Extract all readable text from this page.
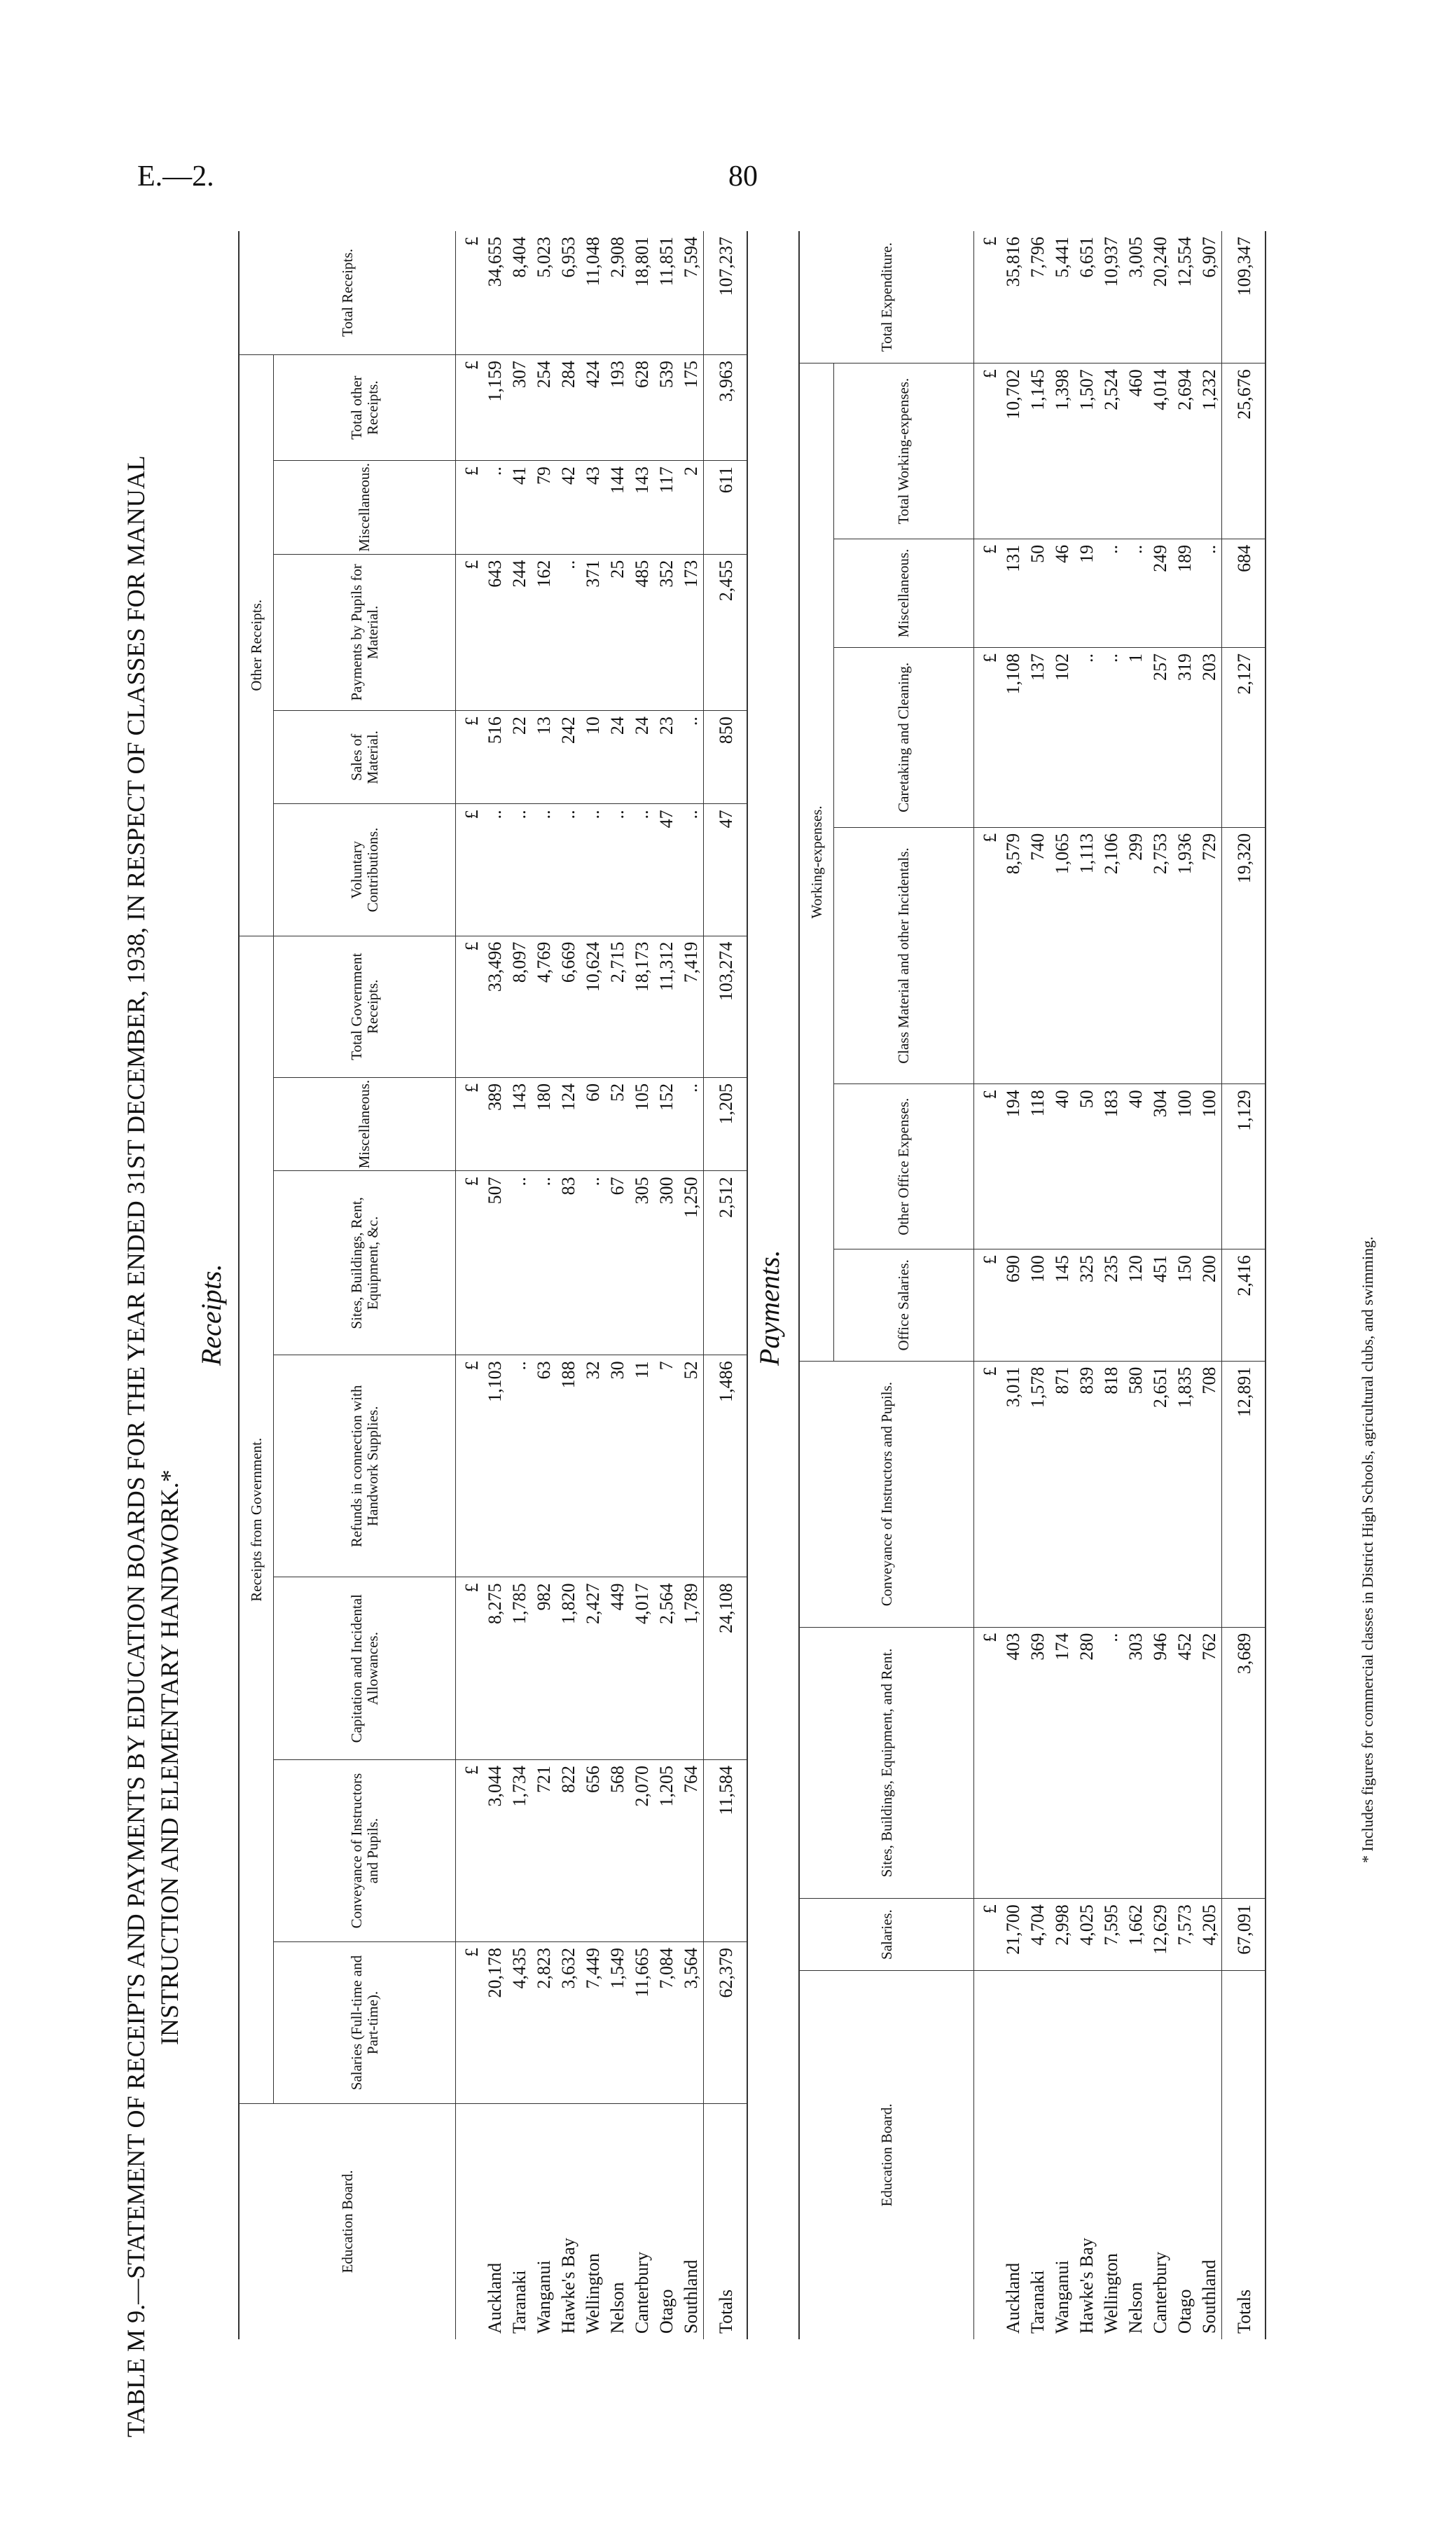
E.—2.	80
TABLE M 9.—STATEMENT OF RECEIPTS AND PAYMENTS BY EDUCATION BOARDS FOR THE YEAR ENDED 31ST DECEMBER, 1938, IN RESPECT OF CLASSES FOR MANUAL INSTRUCTION AND ELEMENTARY HANDWORK.*
Receipts.
Education Board.	Receipts from Government.							Other Receipts.					Total Receipts.
	Salaries (Full-time and Part-time).	Conveyance of Instructors and Pupils.	Capitation and Incidental Allowances.	Refunds in connection with Handwork Supplies.	Sites, Buildings, Rent, Equipment, &c.	Miscellaneous.	Total Government Receipts.	Voluntary Contributions.	Sales of Material.	Payments by Pupils for Material.	Miscellaneous.	Total other Receipts.	
	£	£	£	£	£	£	£	£	£	£	£	£	£
Auckland	20,178	3,044	8,275	1,103	507	389	33,496	..	516	643	..	1,159	34,655
Taranaki	4,435	1,734	1,785	..	..	143	8,097	..	22	244	41	307	8,404
Wanganui	2,823	721	982	63	..	180	4,769	..	13	162	79	254	5,023
Hawke's Bay	3,632	822	1,820	188	83	124	6,669	..	242	..	42	284	6,953
Wellington	7,449	656	2,427	32	..	60	10,624	..	10	371	43	424	11,048
Nelson	1,549	568	449	30	67	52	2,715	..	24	25	144	193	2,908
Canterbury	11,665	2,070	4,017	11	305	105	18,173	..	24	485	143	628	18,801
Otago	7,084	1,205	2,564	7	300	152	11,312	47	23	352	117	539	11,851
Southland	3,564	764	1,789	52	1,250	..	7,419	..	..	173	2	175	7,594
Totals	62,379	11,584	24,108	1,486	2,512	1,205	103,274	47	850	2,455	611	3,963	107,237
Payments.
Education Board.	Salaries.	Sites, Buildings, Equipment, and Rent.	Conveyance of Instructors and Pupils.	Working-expenses.						Total Expenditure.
				Office Salaries.	Other Office Expenses.	Class Material and other Incidentals.	Caretaking and Cleaning.	Miscellaneous.	Total Working-expenses.	
	£	£	£	£	£	£	£	£	£	£
Auckland	21,700	403	3,011	690	194	8,579	1,108	131	10,702	35,816
Taranaki	4,704	369	1,578	100	118	740	137	50	1,145	7,796
Wanganui	2,998	174	871	145	40	1,065	102	46	1,398	5,441
Hawke's Bay	4,025	280	839	325	50	1,113	..	19	1,507	6,651
Wellington	7,595	..	818	235	183	2,106	..	..	2,524	10,937
Nelson	1,662	303	580	120	40	299	1	..	460	3,005
Canterbury	12,629	946	2,651	451	304	2,753	257	249	4,014	20,240
Otago	7,573	452	1,835	150	100	1,936	319	189	2,694	12,554
Southland	4,205	762	708	200	100	729	203	..	1,232	6,907
Totals	67,091	3,689	12,891	2,416	1,129	19,320	2,127	684	25,676	109,347
* Includes figures for commercial classes in District High Schools, agricultural clubs, and swimming.
